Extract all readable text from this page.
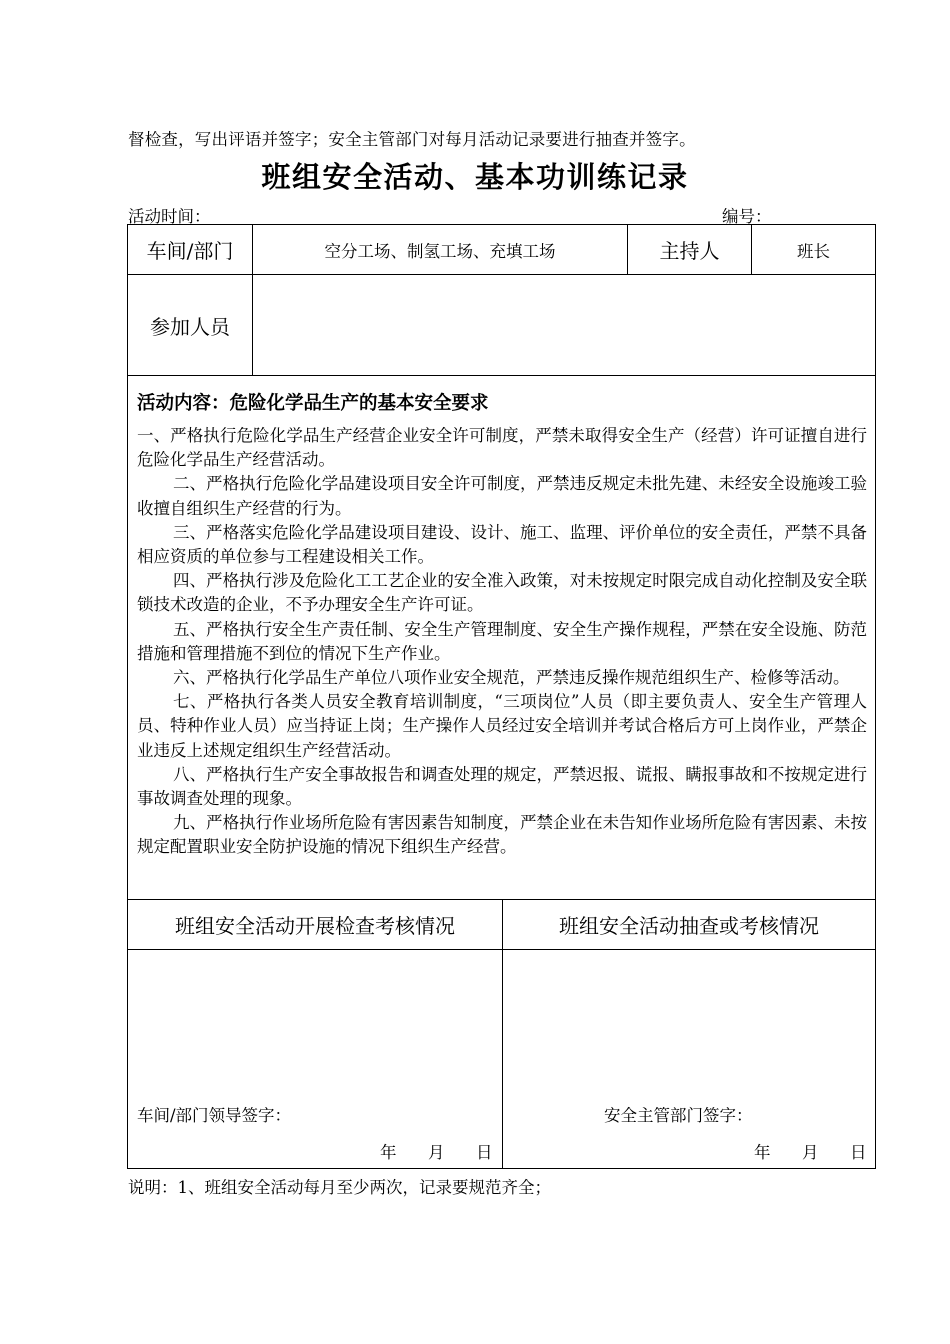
督检查，写出评语并签字；安全主管部门对每月活动记录要进行抽查并签字。
班组安全活动、基本功训练记录
活动时间：	编号：
车间/部门	空分工场、制氢工场、充填工场	主持人	班长
参加人员
活动内容：危险化学品生产的基本安全要求

一、严格执行危险化学品生产经营企业安全许可制度，严禁未取得安全生产（经营）许可证擅自进行危险化学品生产经营活动。

二、严格执行危险化学品建设项目安全许可制度，严禁违反规定未批先建、未经安全设施竣工验收擅自组织生产经营的行为。

三、严格落实危险化学品建设项目建设、设计、施工、监理、评价单位的安全责任，严禁不具备相应资质的单位参与工程建设相关工作。

四、严格执行涉及危险化工工艺企业的安全准入政策，对未按规定时限完成自动化控制及安全联锁技术改造的企业，不予办理安全生产许可证。

五、严格执行安全生产责任制、安全生产管理制度、安全生产操作规程，严禁在安全设施、防范措施和管理措施不到位的情况下生产作业。

六、严格执行化学品生产单位八项作业安全规范，严禁违反操作规范组织生产、检修等活动。

七、严格执行各类人员安全教育培训制度，“三项岗位”人员（即主要负责人、安全生产管理人员、特种作业人员）应当持证上岗；生产操作人员经过安全培训并考试合格后方可上岗作业，严禁企业违反上述规定组织生产经营活动。

八、严格执行生产安全事故报告和调查处理的规定，严禁迟报、谎报、瞒报事故和不按规定进行事故调查处理的现象。

九、严格执行作业场所危险有害因素告知制度，严禁企业在未告知作业场所危险有害因素、未按规定配置职业安全防护设施的情况下组织生产经营。

班组安全活动开展检查考核情况	班组安全活动抽查或考核情况
车间/部门领导签字：
年 月 日
安全主管部门签字：
年 月 日
说明：1、班组安全活动每月至少两次，记录要规范齐全；
